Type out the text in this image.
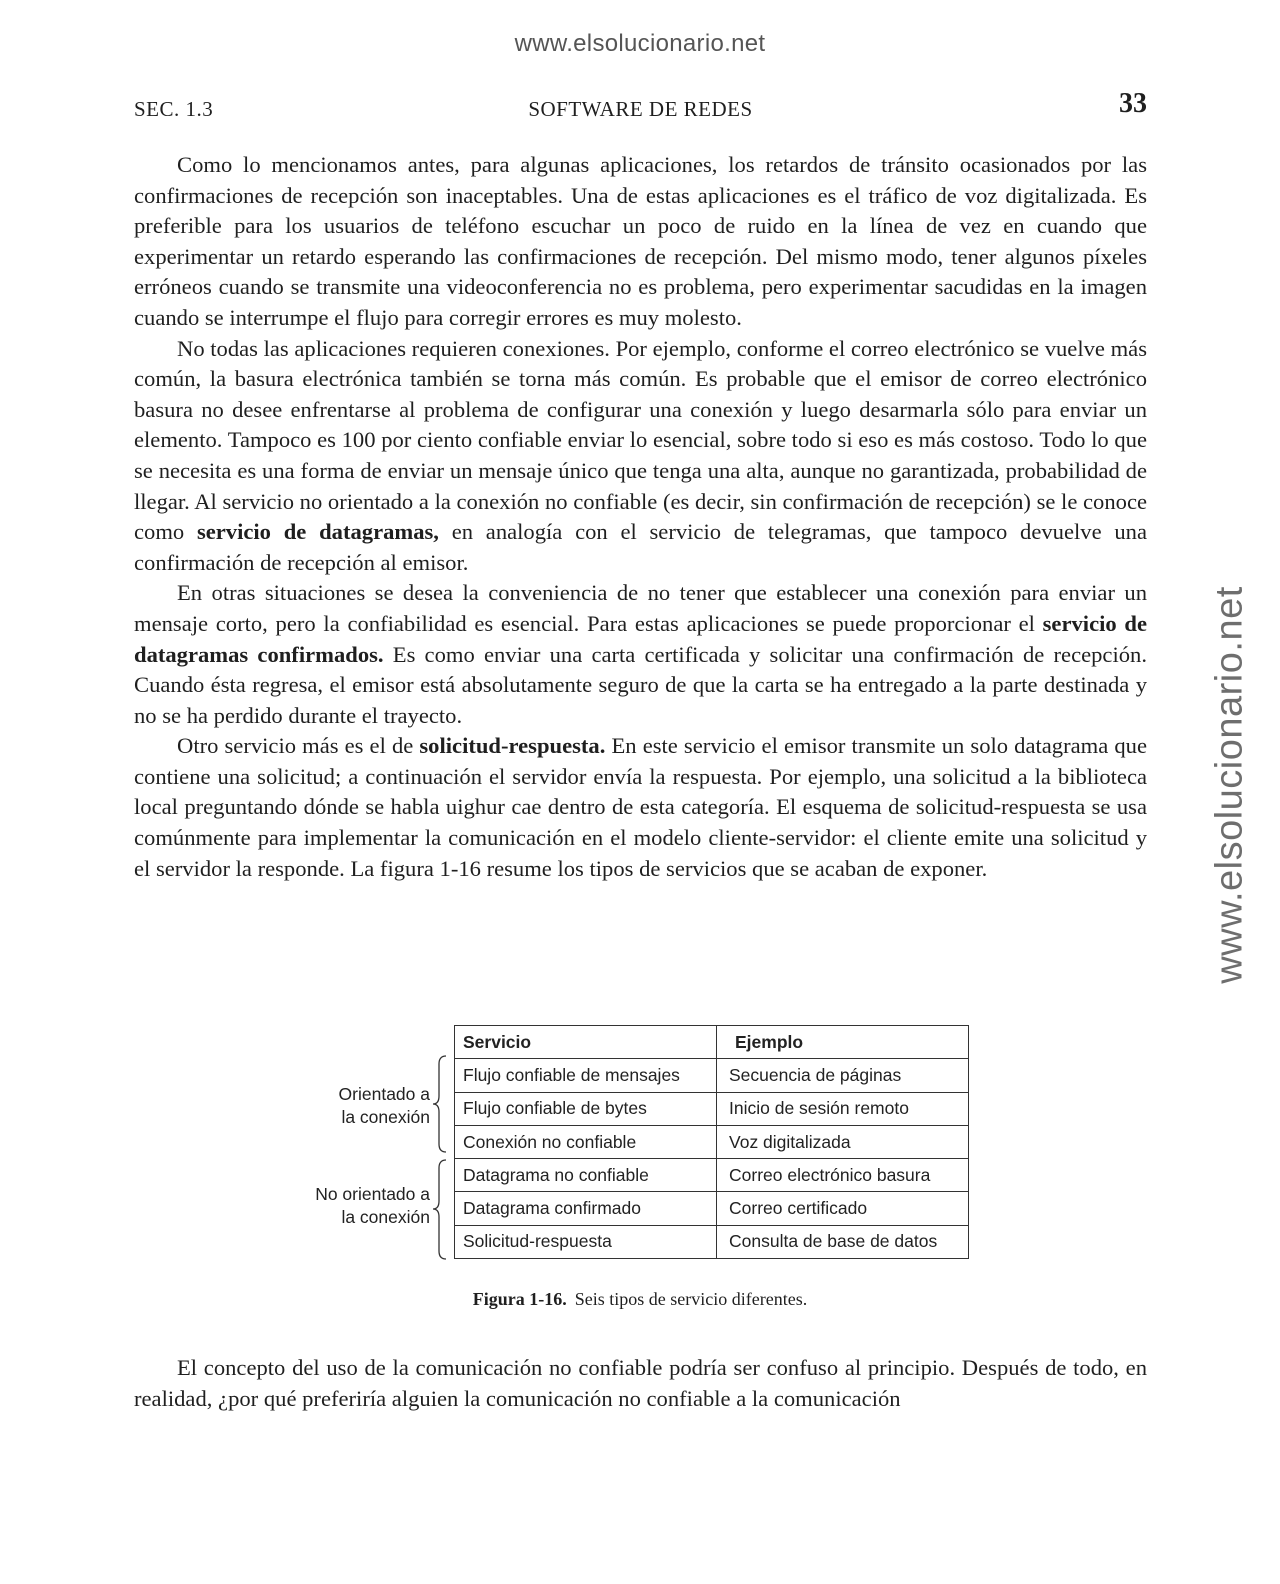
www.elsolucionario.net
www.elsolucionario.net
SEC. 1.3	SOFTWARE DE REDES	33

Como lo mencionamos antes, para algunas aplicaciones, los retardos de tránsito ocasionados por las confirmaciones de recepción son inaceptables. Una de estas aplicaciones es el tráfico de voz digitalizada. Es preferible para los usuarios de teléfono escuchar un poco de ruido en la línea de vez en cuando que experimentar un retardo esperando las confirmaciones de recepción. Del mismo modo, tener algunos píxeles erróneos cuando se transmite una videoconferencia no es problema, pero experimentar sacudidas en la imagen cuando se interrumpe el flujo para corregir errores es muy molesto.

No todas las aplicaciones requieren conexiones. Por ejemplo, conforme el correo electrónico se vuelve más común, la basura electrónica también se torna más común. Es probable que el emisor de correo electrónico basura no desee enfrentarse al problema de configurar una conexión y luego desarmarla sólo para enviar un elemento. Tampoco es 100 por ciento confiable enviar lo esencial, sobre todo si eso es más costoso. Todo lo que se necesita es una forma de enviar un mensaje único que tenga una alta, aunque no garantizada, probabilidad de llegar. Al servicio no orientado a la conexión no confiable (es decir, sin confirmación de recepción) se le conoce como servicio de datagramas, en analogía con el servicio de telegramas, que tampoco devuelve una confirmación de recepción al emisor.

En otras situaciones se desea la conveniencia de no tener que establecer una conexión para enviar un mensaje corto, pero la confiabilidad es esencial. Para estas aplicaciones se puede proporcionar el servicio de datagramas confirmados. Es como enviar una carta certificada y solicitar una confirmación de recepción. Cuando ésta regresa, el emisor está absolutamente seguro de que la carta se ha entregado a la parte destinada y no se ha perdido durante el trayecto.

Otro servicio más es el de solicitud-respuesta. En este servicio el emisor transmite un solo datagrama que contiene una solicitud; a continuación el servidor envía la respuesta. Por ejemplo, una solicitud a la biblioteca local preguntando dónde se habla uighur cae dentro de esta categoría. El esquema de solicitud-respuesta se usa comúnmente para implementar la comunicación en el modelo cliente-servidor: el cliente emite una solicitud y el servidor la responde. La figura 1-16 resume los tipos de servicios que se acaban de exponer.

Orientado a
la conexión
No orientado a
la conexión
Servicio	Ejemplo
Flujo confiable de mensajes	Secuencia de páginas
Flujo confiable de bytes	Inicio de sesión remoto
Conexión no confiable	Voz digitalizada
Datagrama no confiable	Correo electrónico basura
Datagrama confirmado	Correo certificado
Solicitud-respuesta	Consulta de base de datos
Figura 1-16. Seis tipos de servicio diferentes.

El concepto del uso de la comunicación no confiable podría ser confuso al principio. Después de todo, en realidad, ¿por qué preferiría alguien la comunicación no confiable a la comunicación
